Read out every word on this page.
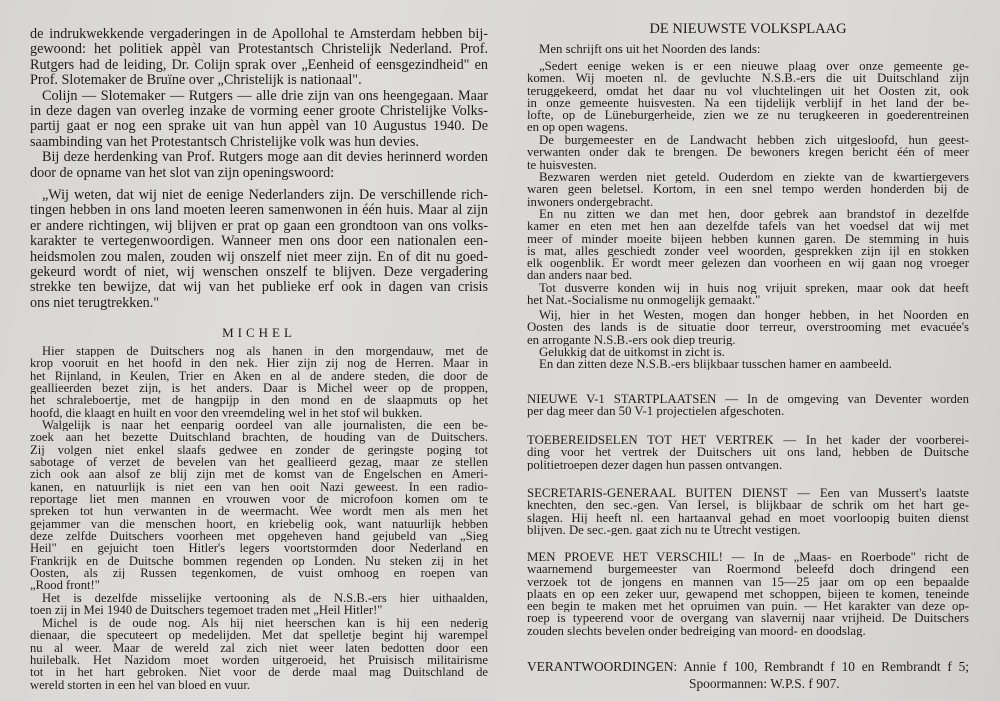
MICHEL
DE NIEUWSTE VOLKSPLAAG
VERANTWOORDINGEN: Annie f 100, Rembrandt f 10 en Rembrandt f 5;
Spoormannen: W.P.S. f 907.
de indrukwekkende vergaderingen in de Apollohal te Amsterdam hebben bij-
gewoond: het politiek appèl van Protestantsch Christelijk Nederland. Prof.
Rutgers had de leiding, Dr. Colijn sprak over „Eenheid of eensgezindheid" en
Prof. Slotemaker de Bruïne over „Christelijk is nationaal".
Colijn — Slotemaker — Rutgers — alle drie zijn van ons heengegaan. Maar
in deze dagen van overleg inzake de vorming eener groote Christelijke Volks-
partij gaat er nog een sprake uit van hun appèl van 10 Augustus 1940. De
saambinding van het Protestantsch Christelijke volk was hun devies.
Bij deze herdenking van Prof. Rutgers moge aan dit devies herinnerd worden
door de opname van het slot van zijn openingswoord:
„Wij weten, dat wij niet de eenige Nederlanders zijn. De verschillende rich-
tingen hebben in ons land moeten leeren samenwonen in één huis. Maar al zijn
er andere richtingen, wij blijven er prat op gaan een grondtoon van ons volks-
karakter te vertegenwoordigen. Wanneer men ons door een nationalen een-
heidsmolen zou malen, zouden wij onszelf niet meer zijn. En of dit nu goed-
gekeurd wordt of niet, wij wenschen onszelf te blijven. Deze vergadering
strekke ten bewijze, dat wij van het publieke erf ook in dagen van crisis
ons niet terugtrekken."
Hier stappen de Duitschers nog als hanen in den morgendauw, met de
krop vooruit en het hoofd in den nek. Hier zijn zij nog de Herren. Maar in
het Rijnland, in Keulen, Trier en Aken en al de andere steden, die door de
geallieerden bezet zijn, is het anders. Daar is Michel weer op de proppen,
het schraleboertje, met de hangpijp in den mond en de slaapmuts op het
hoofd, die klaagt en huilt en voor den vreemdeling wel in het stof wil bukken.
Walgelijk is naar het eenparig oordeel van alle journalisten, die een be-
zoek aan het bezette Duitschland brachten, de houding van de Duitschers.
Zij volgen niet enkel slaafs gedwee en zonder de geringste poging tot
sabotage of verzet de bevelen van het geallieerd gezag, maar ze stellen
zich ook aan alsof ze blij zijn met de komst van de Engelschen en Ameri-
kanen, en natuurlijk is niet een van hen ooit Nazi geweest. In een radio-
reportage liet men mannen en vrouwen voor de microfoon komen om te
spreken tot hun verwanten in de weermacht. Wee wordt men als men het
gejammer van die menschen hoort, en kriebelig ook, want natuurlijk hebben
deze zelfde Duitschers voorheen met opgeheven hand gejubeld van „Sieg
Heil" en gejuicht toen Hitler's legers voortstormden door Nederland en
Frankrijk en de Duitsche bommen regenden op Londen. Nu steken zij in het
Oosten, als zij Russen tegenkomen, de vuist omhoog en roepen van
„Rood front!"
Het is dezelfde misselijke vertooning als de N.S.B.-ers hier uithaalden,
toen zij in Mei 1940 de Duitschers tegemoet traden met „Heil Hitler!"
Michel is de oude nog. Als hij niet heerschen kan is hij een nederig
dienaar, die specuteert op medelijden. Met dat spelletje begint hij warempel
nu al weer. Maar de wereld zal zich niet weer laten bedotten door een
huilebalk. Het Nazidom moet worden uitgeroeid, het Pruisisch militairisme
tot in het hart gebroken. Niet voor de derde maal mag Duitschland de
wereld storten in een hel van bloed en vuur.
Men schrijft ons uit het Noorden des lands:
„Sedert eenige weken is er een nieuwe plaag over onze gemeente ge-
komen. Wij moeten nl. de gevluchte N.S.B.-ers die uit Duitschland zijn
teruggekeerd, omdat het daar nu vol vluchtelingen uit het Oosten zit, ook
in onze gemeente huisvesten. Na een tijdelijk verblijf in het land der be-
lofte, op de Lüneburgerheide, zien we ze nu terugkeeren in goederentreinen
en op open wagens.
De burgemeester en de Landwacht hebben zich uitgesloofd, hun geest-
verwanten onder dak te brengen. De bewoners kregen bericht één of meer
te huisvesten.
Bezwaren werden niet geteld. Ouderdom en ziekte van de kwartiergevers
waren geen beletsel. Kortom, in een snel tempo werden honderden bij de
inwoners ondergebracht.
En nu zitten we dan met hen, door gebrek aan brandstof in dezelfde
kamer en eten met hen aan dezelfde tafels van het voedsel dat wij met
meer of minder moeite bijeen hebben kunnen garen. De stemming in huis
is mat, alles geschiedt zonder veel woorden, gesprekken zijn ijl en stokken
elk oogenblik. Er wordt meer gelezen dan voorheen en wij gaan nog vroeger
dan anders naar bed.
Tot dusverre konden wij in huis nog vrijuit spreken, maar ook dat heeft
het Nat.-Socialisme nu onmogelijk gemaakt."
Wij, hier in het Westen, mogen dan honger hebben, in het Noorden en
Oosten des lands is de situatie door terreur, overstrooming met evacuée's
en arrogante N.S.B.-ers ook diep treurig.
Gelukkig dat de uitkomst in zicht is.
En dan zitten deze N.S.B.-ers blijkbaar tusschen hamer en aambeeld.
NIEUWE V-1 STARTPLAATSEN — In de omgeving van Deventer worden
per dag meer dan 50 V-1 projectielen afgeschoten.
TOEBEREIDSELEN TOT HET VERTREK — In het kader der voorberei-
ding voor het vertrek der Duitschers uit ons land, hebben de Duitsche
politietroepen dezer dagen hun passen ontvangen.
SECRETARIS-GENERAAL BUITEN DIENST — Een van Mussert's laatste
knechten, den sec.-gen. Van Iersel, is blijkbaar de schrik om het hart ge-
slagen. Hij heeft nl. een hartaanval gehad en moet voorloopig buiten dienst
blijven. De sec.-gen. gaat zich nu te Utrecht vestigen.
MEN PROEVE HET VERSCHIL! — In de „Maas- en Roerbode" richt de
waarnemend burgemeester van Roermond beleefd doch dringend een
verzoek tot de jongens en mannen van 15—25 jaar om op een bepaalde
plaats en op een zeker uur, gewapend met schoppen, bijeen te komen, teneinde
een begin te maken met het opruimen van puin. — Het karakter van deze op-
roep is typeerend voor de overgang van slavernij naar vrijheid. De Duitschers
zouden slechts bevelen onder bedreiging van moord- en doodslag.
